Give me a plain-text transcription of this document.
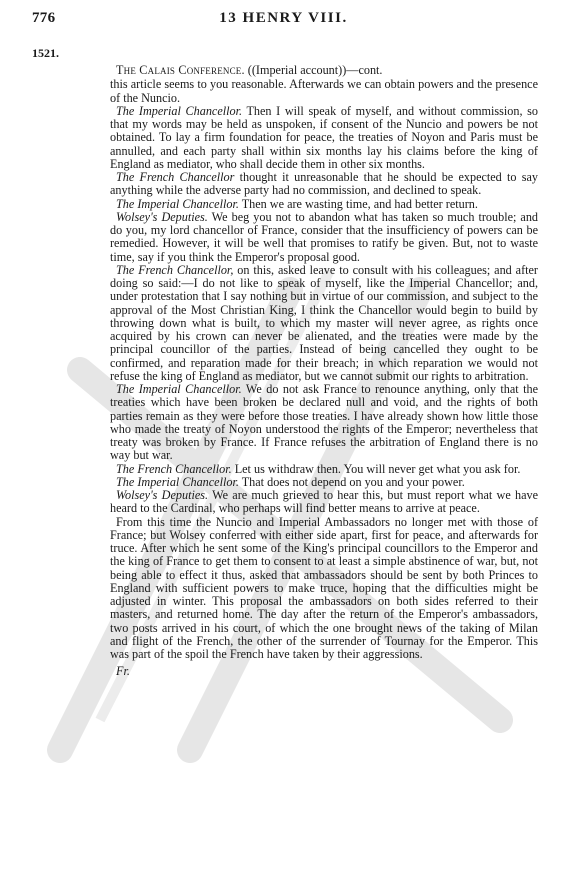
776	13 HENRY VIII.
1521.
The Calais Conference. ((Imperial account))—cont.

this article seems to you reasonable. Afterwards we can obtain powers and the presence of the Nuncio.

The Imperial Chancellor. Then I will speak of myself, and without commission, so that my words may be held as unspoken, if consent of the Nuncio and powers be not obtained. To lay a firm foundation for peace, the treaties of Noyon and Paris must be annulled, and each party shall within six months lay his claims before the king of England as mediator, who shall decide them in other six months.

The French Chancellor thought it unreasonable that he should be expected to say anything while the adverse party had no commission, and declined to speak.

The Imperial Chancellor. Then we are wasting time, and had better return.

Wolsey's Deputies. We beg you not to abandon what has taken so much trouble; and do you, my lord chancellor of France, consider that the insufficiency of powers can be remedied. However, it will be well that promises to ratify be given. But, not to waste time, say if you think the Emperor's proposal good.

The French Chancellor, on this, asked leave to consult with his colleagues; and after doing so said:—I do not like to speak of myself, like the Imperial Chancellor; and, under protestation that I say nothing but in virtue of our commission, and subject to the approval of the Most Christian King, I think the Chancellor would begin to build by throwing down what is built, to which my master will never agree, as rights once acquired by his crown can never be alienated, and the treaties were made by the principal councillor of the parties. Instead of being cancelled they ought to be confirmed, and reparation made for their breach; in which reparation we would not refuse the king of England as mediator, but we cannot submit our rights to arbitration.

The Imperial Chancellor. We do not ask France to renounce anything, only that the treaties which have been broken be declared null and void, and the rights of both parties remain as they were before those treaties. I have already shown how little those who made the treaty of Noyon understood the rights of the Emperor; nevertheless that treaty was broken by France. If France refuses the arbitration of England there is no way but war.

The French Chancellor. Let us withdraw then. You will never get what you ask for.

The Imperial Chancellor. That does not depend on you and your power.

Wolsey's Deputies. We are much grieved to hear this, but must report what we have heard to the Cardinal, who perhaps will find better means to arrive at peace.

From this time the Nuncio and Imperial Ambassadors no longer met with those of France; but Wolsey conferred with either side apart, first for peace, and afterwards for truce. After which he sent some of the King's principal councillors to the Emperor and the king of France to get them to consent to at least a simple abstinence of war, but, not being able to effect it thus, asked that ambassadors should be sent by both Princes to England with sufficient powers to make truce, hoping that the difficulties might be adjusted in winter. This proposal the ambassadors on both sides referred to their masters, and returned home. The day after the return of the Emperor's ambassadors, two posts arrived in his court, of which the one brought news of the taking of Milan and flight of the French, the other of the surrender of Tournay for the Emperor. This was part of the spoil the French have taken by their aggressions.

Fr.
